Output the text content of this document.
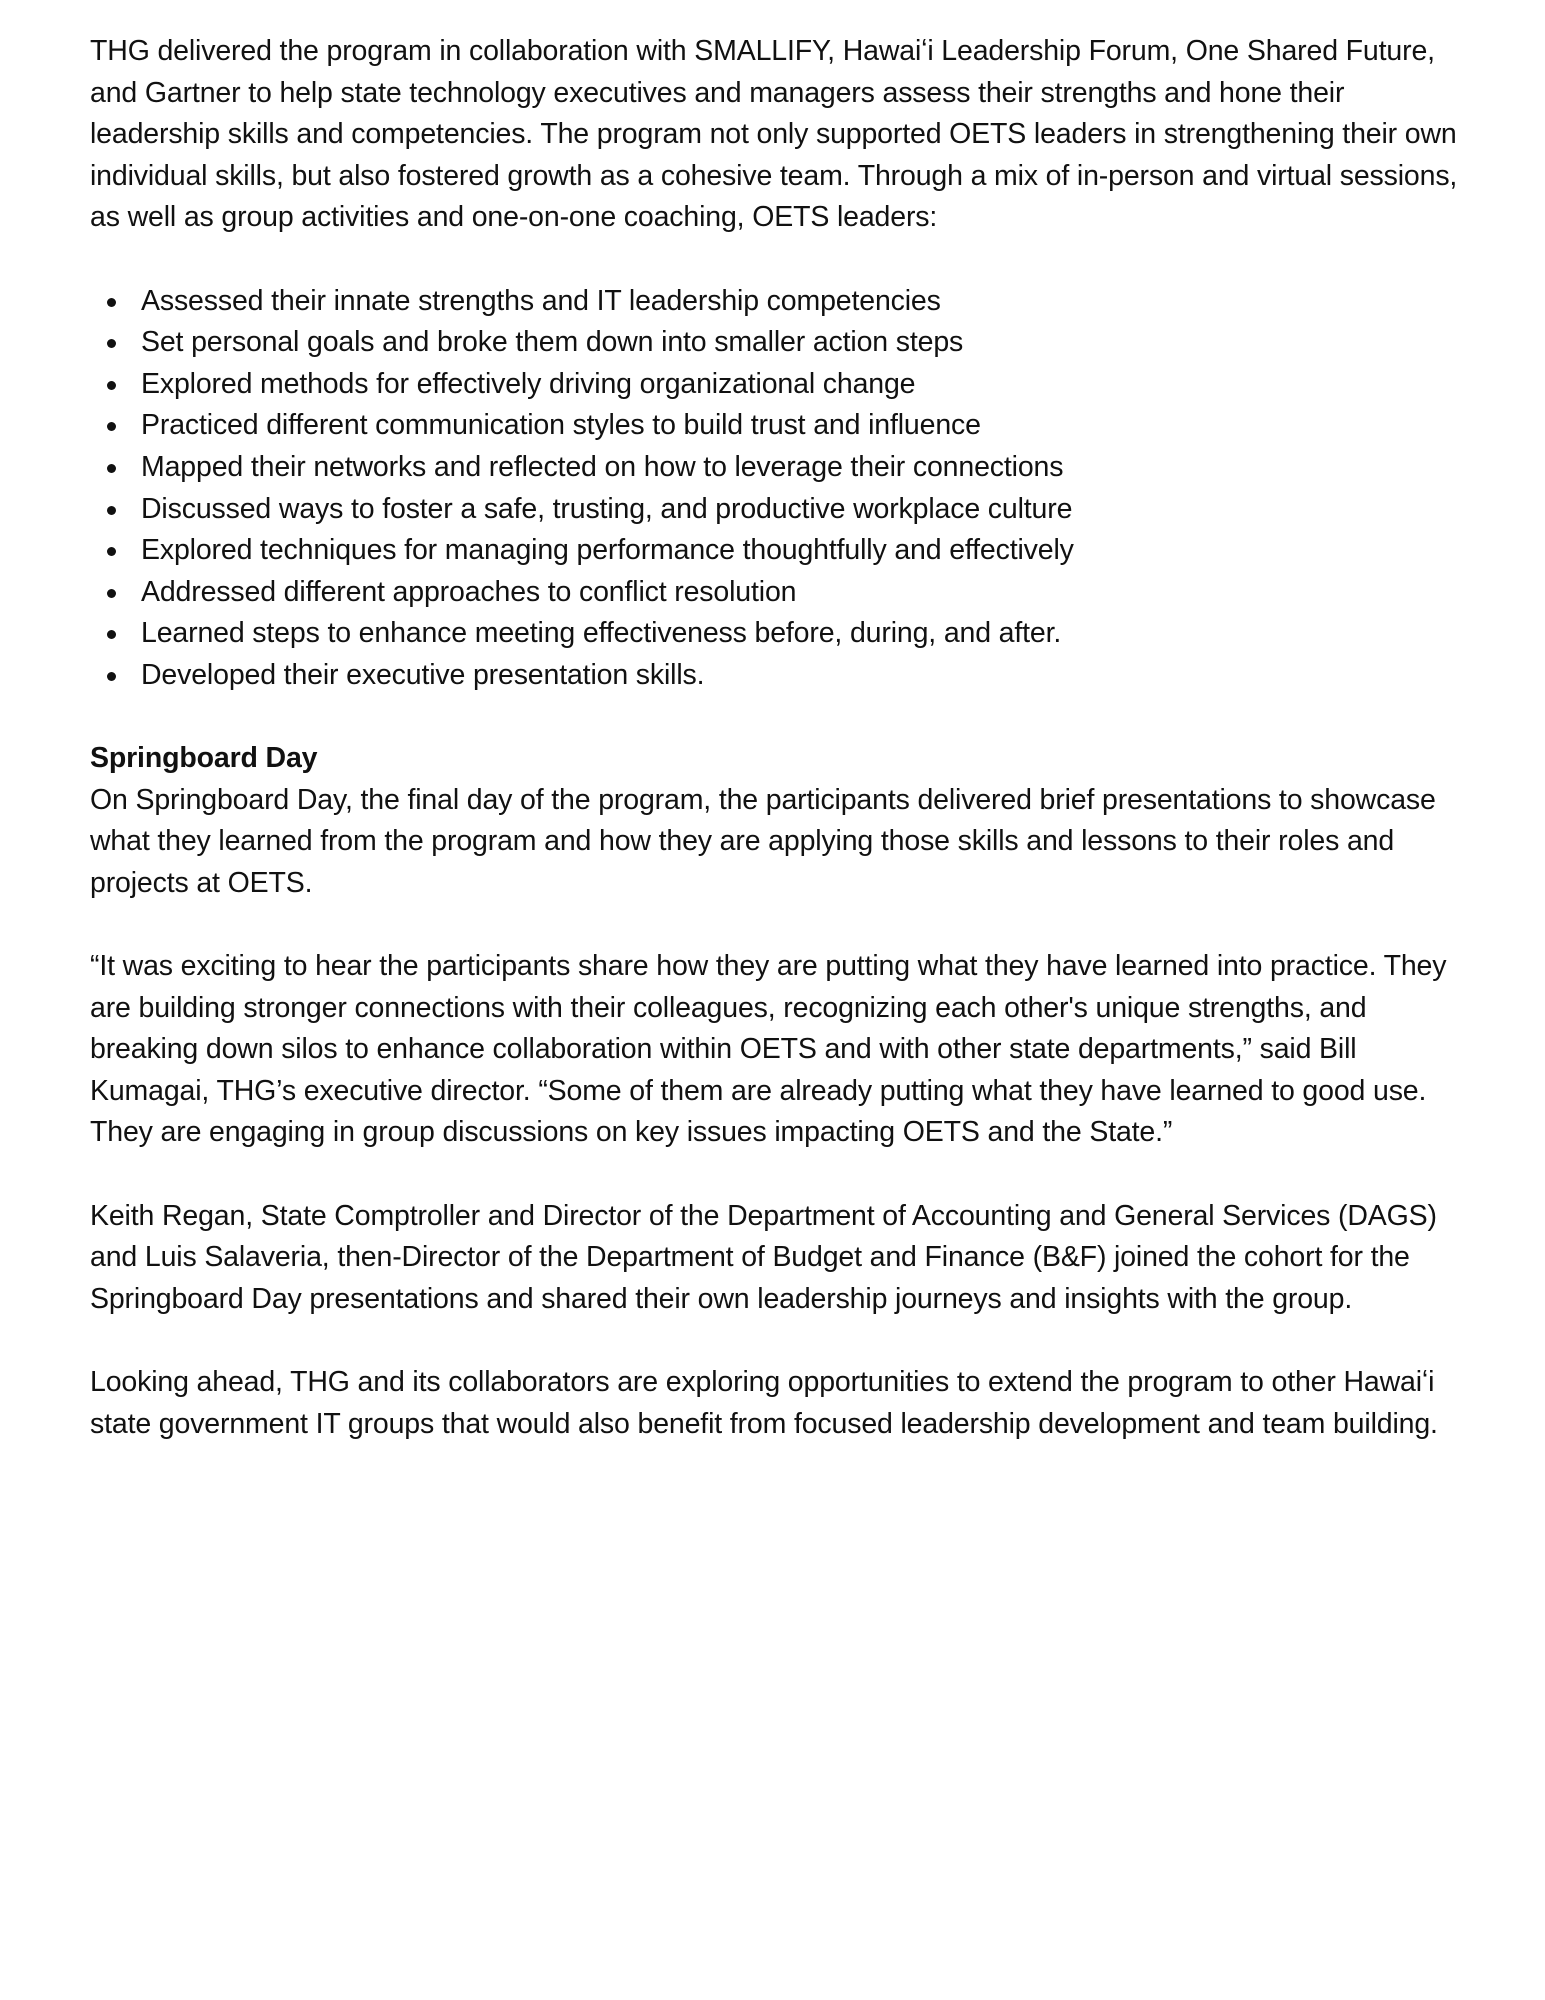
THG delivered the program in collaboration with SMALLIFY, Hawaiʻi Leadership Forum, One Shared Future, and Gartner to help state technology executives and managers assess their strengths and hone their leadership skills and competencies. The program not only supported OETS leaders in strengthening their own individual skills, but also fostered growth as a cohesive team. Through a mix of in-person and virtual sessions, as well as group activities and one-on-one coaching, OETS leaders:

Assessed their innate strengths and IT leadership competencies
Set personal goals and broke them down into smaller action steps
Explored methods for effectively driving organizational change
Practiced different communication styles to build trust and influence
Mapped their networks and reflected on how to leverage their connections
Discussed ways to foster a safe, trusting, and productive workplace culture
Explored techniques for managing performance thoughtfully and effectively
Addressed different approaches to conflict resolution
Learned steps to enhance meeting effectiveness before, during, and after.
Developed their executive presentation skills.

Springboard Day

On Springboard Day, the final day of the program, the participants delivered brief presentations to showcase what they learned from the program and how they are applying those skills and lessons to their roles and projects at OETS.

“It was exciting to hear the participants share how they are putting what they have learned into practice. They are building stronger connections with their colleagues, recognizing each other's unique strengths, and breaking down silos to enhance collaboration within OETS and with other state departments,” said Bill Kumagai, THG’s executive director. “Some of them are already putting what they have learned to good use. They are engaging in group discussions on key issues impacting OETS and the State.”

Keith Regan, State Comptroller and Director of the Department of Accounting and General Services (DAGS) and Luis Salaveria, then-Director of the Department of Budget and Finance (B&F) joined the cohort for the Springboard Day presentations and shared their own leadership journeys and insights with the group.

Looking ahead, THG and its collaborators are exploring opportunities to extend the program to other Hawaiʻi state government IT groups that would also benefit from focused leadership development and team building.
